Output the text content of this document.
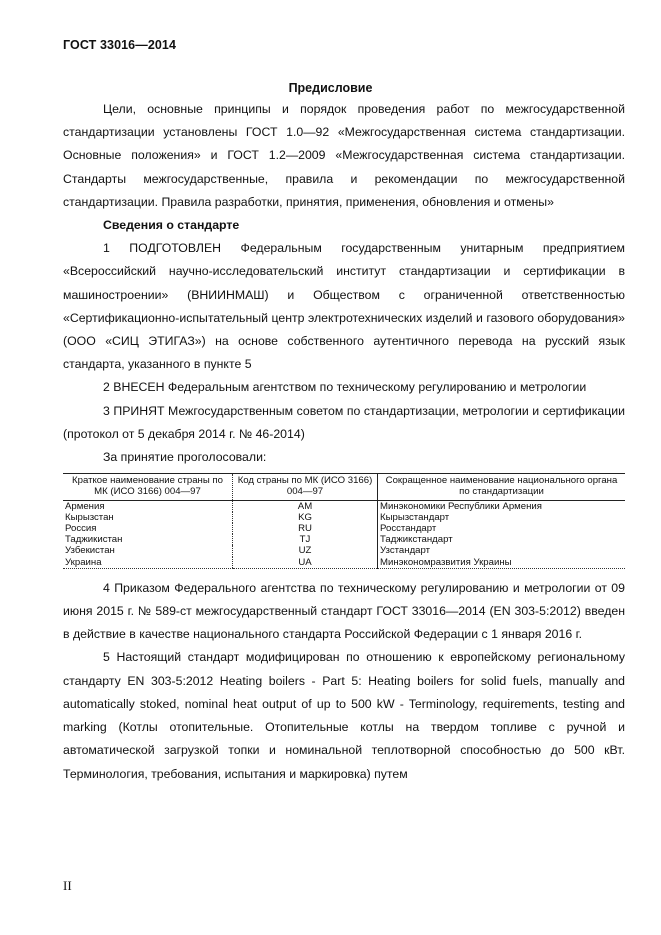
ГОСТ 33016—2014
Предисловие

Цели, основные принципы и порядок проведения работ по межгосударственной стандартизации установлены ГОСТ 1.0—92 «Межгосударственная система стандартизации. Основные положения» и ГОСТ 1.2—2009 «Межгосударственная система стандартизации. Стандарты межгосударственные, правила и рекомендации по межгосударственной стандартизации. Правила разработки, принятия, применения, обновления и отмены»

Сведения о стандарте

1 ПОДГОТОВЛЕН Федеральным государственным унитарным предприятием «Всероссийский научно-исследовательский институт стандартизации и сертификации в машиностроении» (ВНИИНМАШ) и Обществом с ограниченной ответственностью «Сертификационно-испытательный центр электротехнических изделий и газового оборудования» (ООО «СИЦ ЭТИГАЗ») на основе собственного аутентичного перевода на русский язык стандарта, указанного в пункте 5

2 ВНЕСЕН Федеральным агентством по техническому регулированию и метрологии

3 ПРИНЯТ Межгосударственным советом по стандартизации, метрологии и сертификации (протокол от 5 декабря 2014 г. № 46-2014)

За принятие проголосовали:

Краткое наименование страны по МК (ИСО 3166) 004—97	Код страны по МК (ИСО 3166) 004—97	Сокращенное наименование национального органа по стандартизации
Армения	AM	Минэкономики Республики Армения
Кырызстан	KG	Кырызстандарт
Россия	RU	Росстандарт
Таджикистан	TJ	Таджикстандарт
Узбекистан	UZ	Узстандарт
Украина	UA	Минэкономразвития Украины

4 Приказом Федерального агентства по техническому регулированию и метрологии от 09 июня 2015 г. № 589-ст межгосударственный стандарт ГОСТ 33016—2014 (EN 303-5:2012) введен в действие в качестве национального стандарта Российской Федерации с 1 января 2016 г.

5 Настоящий стандарт модифицирован по отношению к европейскому региональному стандарту EN 303-5:2012 Heating boilers - Part 5: Heating boilers for solid fuels, manually and automatically stoked, nominal heat output of up to 500 kW - Terminology, requirements, testing and marking (Котлы отопительные. Отопительные котлы на твердом топливе с ручной и автоматической загрузкой топки и номинальной теплотворной способностью до 500 кВт. Терминология, требования, испытания и маркировка) путем

II
